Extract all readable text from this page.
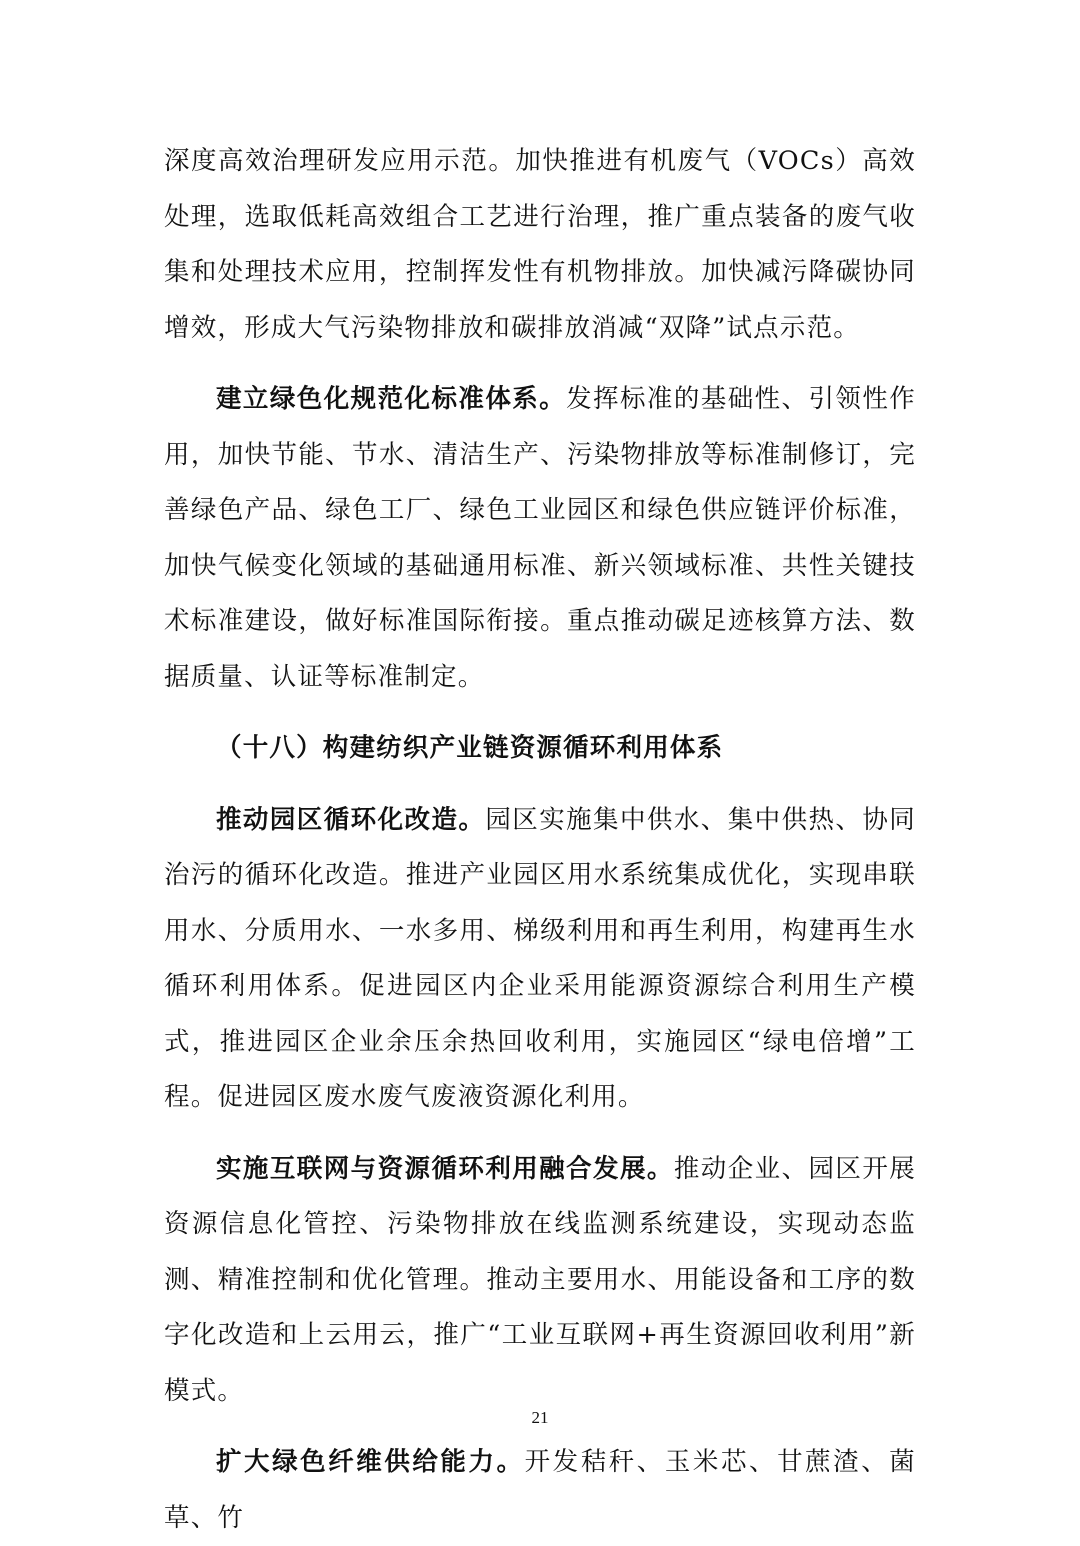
深度高效治理研发应用示范。加快推进有机废气（VOCs）高效处理，选取低耗高效组合工艺进行治理，推广重点装备的废气收集和处理技术应用，控制挥发性有机物排放。加快减污降碳协同增效，形成大气污染物排放和碳排放消减“双降”试点示范。

建立绿色化规范化标准体系。发挥标准的基础性、引领性作用，加快节能、节水、清洁生产、污染物排放等标准制修订，完善绿色产品、绿色工厂、绿色工业园区和绿色供应链评价标准，加快气候变化领域的基础通用标准、新兴领域标准、共性关键技术标准建设，做好标准国际衔接。重点推动碳足迹核算方法、数据质量、认证等标准制定。

（十八）构建纺织产业链资源循环利用体系

推动园区循环化改造。园区实施集中供水、集中供热、协同治污的循环化改造。推进产业园区用水系统集成优化，实现串联用水、分质用水、一水多用、梯级利用和再生利用，构建再生水循环利用体系。促进园区内企业采用能源资源综合利用生产模式，推进园区企业余压余热回收利用，实施园区“绿电倍增”工程。促进园区废水废气废液资源化利用。

实施互联网与资源循环利用融合发展。推动企业、园区开展资源信息化管控、污染物排放在线监测系统建设，实现动态监测、精准控制和优化管理。推动主要用水、用能设备和工序的数字化改造和上云用云，推广“工业互联网+再生资源回收利用”新模式。

扩大绿色纤维供给能力。开发秸秆、玉米芯、甘蔗渣、菌草、竹

21
